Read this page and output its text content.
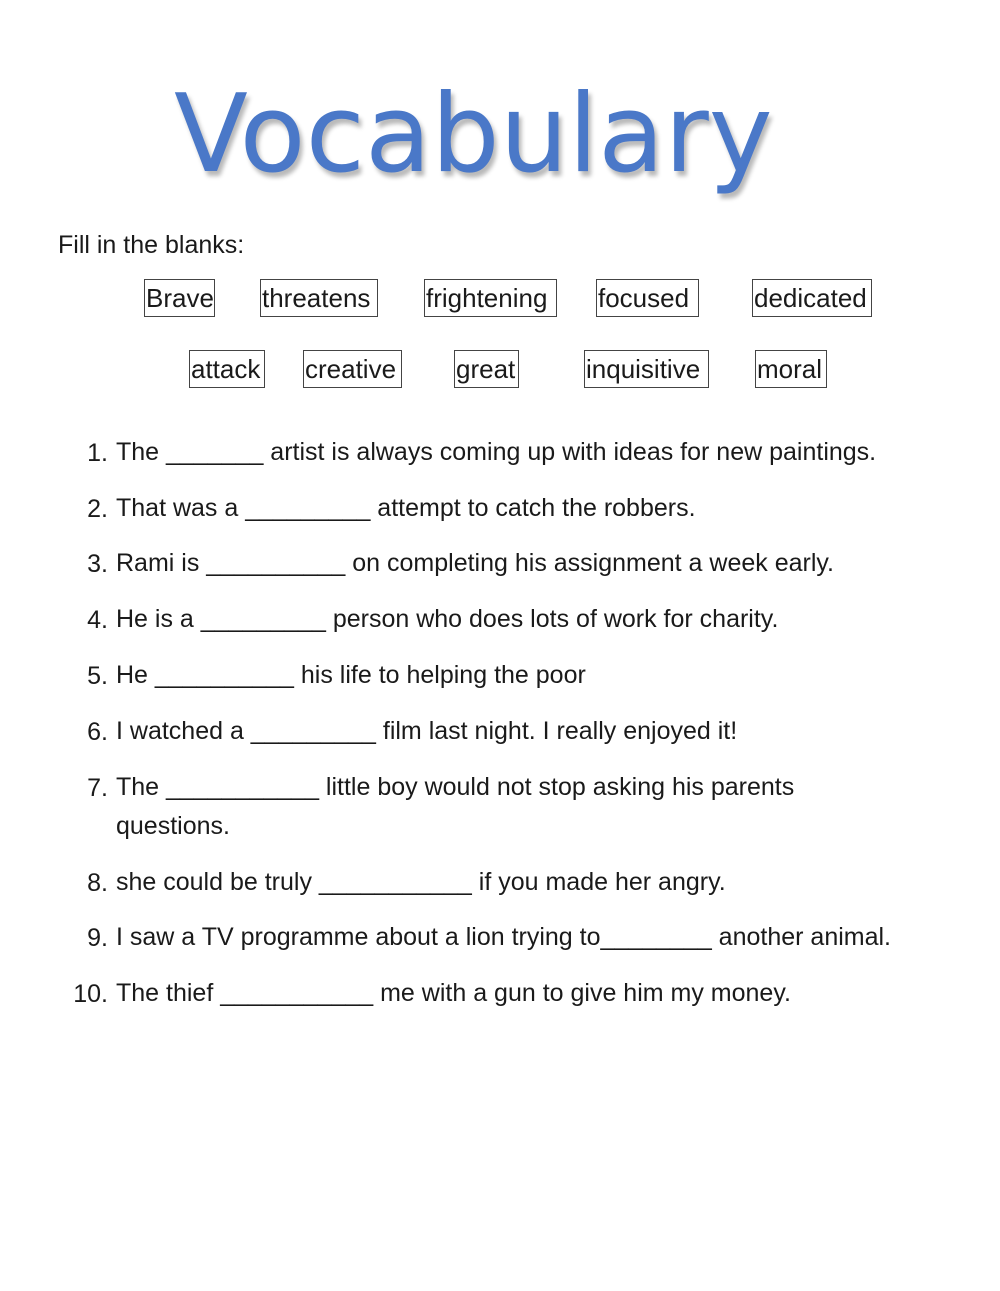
Vocabulary
Fill in the blanks:
Brave threatens frightening	focused	dedicated
attack creative great	inquisitive	moral
1. The _______ artist is always coming up with ideas for new paintings.
2. That was a _________ attempt to catch the robbers.
3. Rami is __________ on completing his assignment a week early.
4. He is a _________ person who does lots of work for charity.
5. He __________ his life to helping the poor
6. I watched a _________ film last night. I really enjoyed it!
7. The ___________ little boy would not stop asking his parents
questions.
8. she could be truly ___________ if you made her angry.
9. I saw a TV programme about a lion trying to________ another animal.
10. The thief ___________ me with a gun to give him my money.
